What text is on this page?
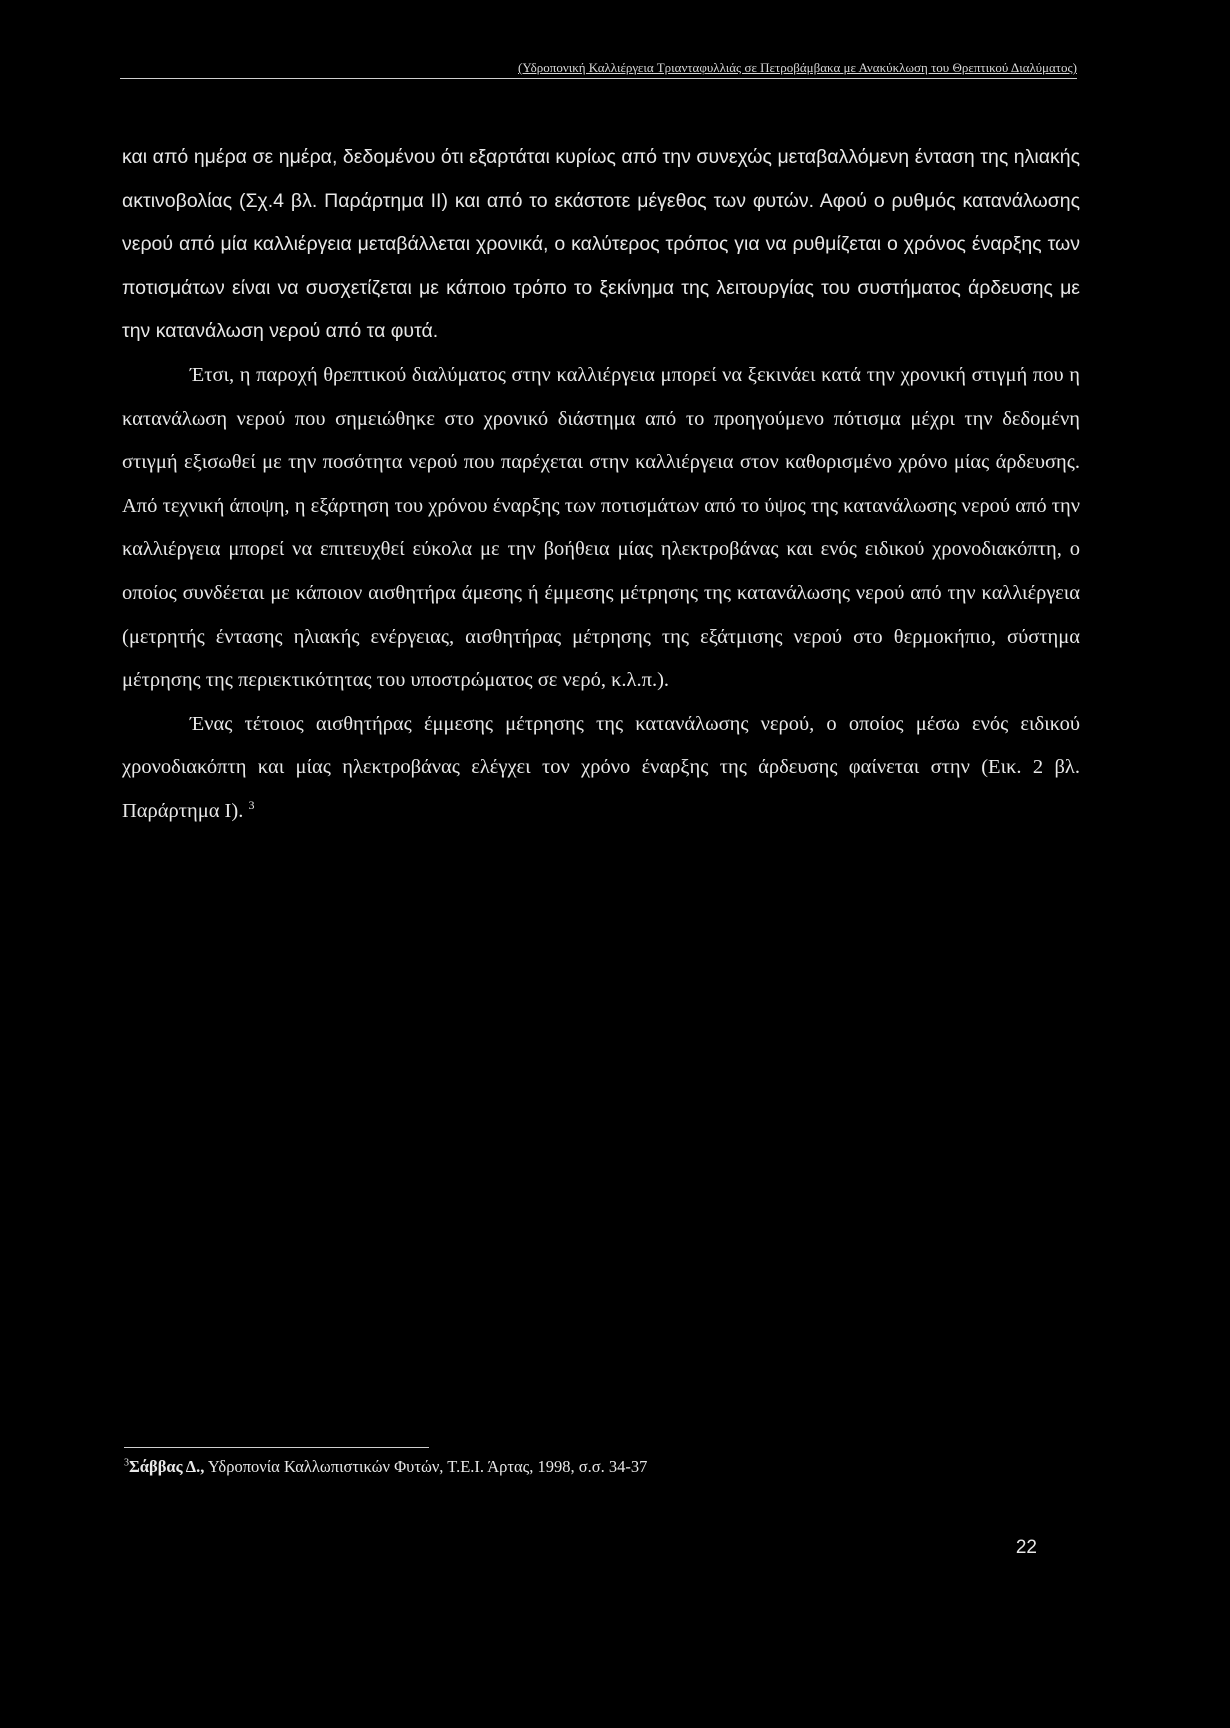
(Υδροπονική Καλλιέργεια Τριανταφυλλιάς σε Πετροβάμβακα με Ανακύκλωση του Θρεπτικού Διαλύματος)

και από ημέρα σε ημέρα, δεδομένου ότι εξαρτάται κυρίως από την συνεχώς μεταβαλλόμενη ένταση της ηλιακής ακτινοβολίας (Σχ.4 βλ. Παράρτημα ΙΙ) και από το εκάστοτε μέγεθος των φυτών. Αφού ο ρυθμός κατανάλωσης νερού από μία καλλιέργεια μεταβάλλεται χρονικά, ο καλύτερος τρόπος για να ρυθμίζεται ο χρόνος έναρξης των ποτισμάτων είναι να συσχετίζεται με κάποιο τρόπο το ξεκίνημα της λειτουργίας του συστήματος άρδευσης με την κατανάλωση νερού από τα φυτά.

Έτσι, η παροχή θρεπτικού διαλύματος στην καλλιέργεια μπορεί να ξεκινάει κατά την χρονική στιγμή που η κατανάλωση νερού που σημειώθηκε στο χρονικό διάστημα από το προηγούμενο πότισμα μέχρι την δεδομένη στιγμή εξισωθεί με την ποσότητα νερού που παρέχεται στην καλλιέργεια στον καθορισμένο χρόνο μίας άρδευσης. Από τεχνική άποψη, η εξάρτηση του χρόνου έναρξης των ποτισμάτων από το ύψος της κατανάλωσης νερού από την καλλιέργεια μπορεί να επιτευχθεί εύκολα με την βοήθεια μίας ηλεκτροβάνας και ενός ειδικού χρονοδιακόπτη, ο οποίος συνδέεται με κάποιον αισθητήρα άμεσης ή έμμεσης μέτρησης της κατανάλωσης νερού από την καλλιέργεια (μετρητής έντασης ηλιακής ενέργειας, αισθητήρας μέτρησης της εξάτμισης νερού στο θερμοκήπιο, σύστημα μέτρησης της περιεκτικότητας του υποστρώματος σε νερό, κ.λ.π.).

Ένας τέτοιος αισθητήρας έμμεσης μέτρησης της κατανάλωσης νερού, ο οποίος μέσω ενός ειδικού χρονοδιακόπτη και μίας ηλεκτροβάνας ελέγχει τον χρόνο έναρξης της άρδευσης φαίνεται στην (Εικ. 2 βλ. Παράρτημα Ι). $^3$

$^3$Σάββας Δ., Υδροπονία Καλλωπιστικών Φυτών, Τ.Ε.Ι. Άρτας, 1998, σ.σ. 34-37
22
